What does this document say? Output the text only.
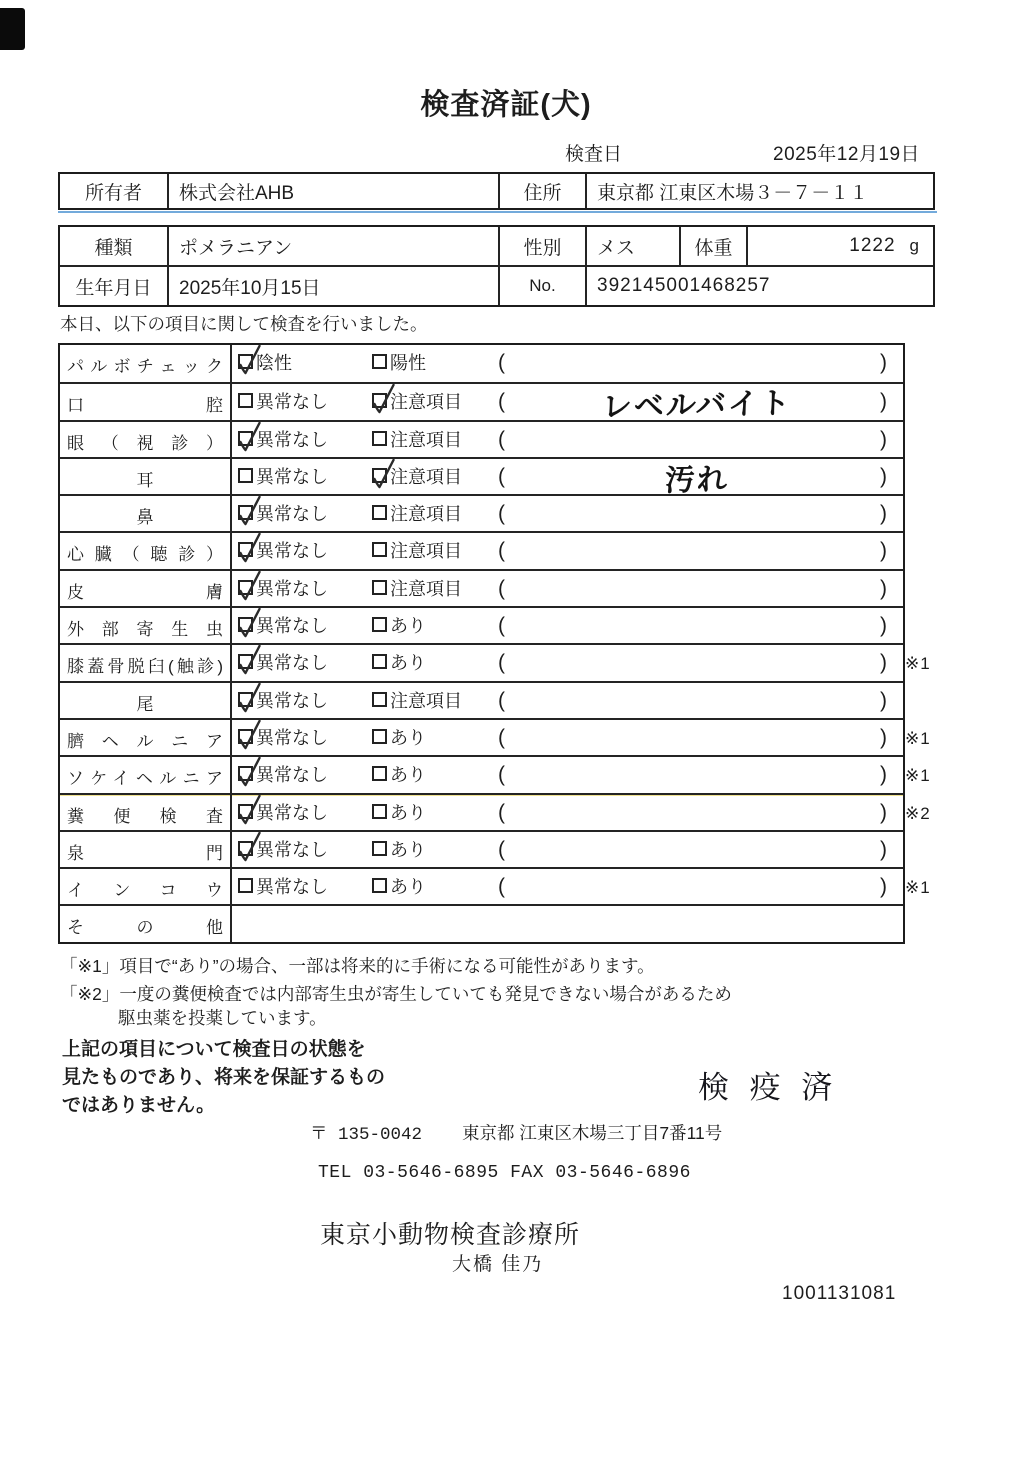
検査済証(犬)
検査日	2025年12月19日
所有者	株式会社AHB	住所	東京都 江東区木場３－７－１１
種類	ポメラニアン	性別	メス	体重	1222 g
生年月日	2025年10月15日	No.	392145001468257
本日、以下の項目に関して検査を行いました。
パルボチェック	陰性	陽性	(	)
口腔	異常なし	注意項目 (	レベルバイト	)
眼（視診）	異常なし	注意項目 (	)
耳	異常なし	注意項目 (	汚れ	)
鼻	異常なし	注意項目 (	)
心臓（聴診）	異常なし	注意項目 (	)
皮膚	異常なし	注意項目 (	)
外部寄生虫	異常なし	あり	(	)
膝蓋骨脱臼(触診)	異常なし	あり	(	) ※1
尾	異常なし	注意項目 (	)
臍ヘルニア	異常なし	あり	(	) ※1
ソケイヘルニア	異常なし	あり	(	) ※1
糞便検査	異常なし	あり	(	) ※2
泉門	異常なし	あり	(	)
インコウ	異常なし	あり	(	) ※1
その他
「※1」項目で“あり”の場合、一部は将来的に手術になる可能性があります。
「※2」一度の糞便検査では内部寄生虫が寄生していても発見できない場合があるため
駆虫薬を投薬しています。
上記の項目について検査日の状態を
見たものであり、将来を保証するもの
ではありません。
検 疫 済
〒 135-0042 東京都 江東区木場三丁目7番11号
TEL 03-5646-6895 FAX 03-5646-6896
東京小動物検査診療所
大橋 佳乃
1001131081
